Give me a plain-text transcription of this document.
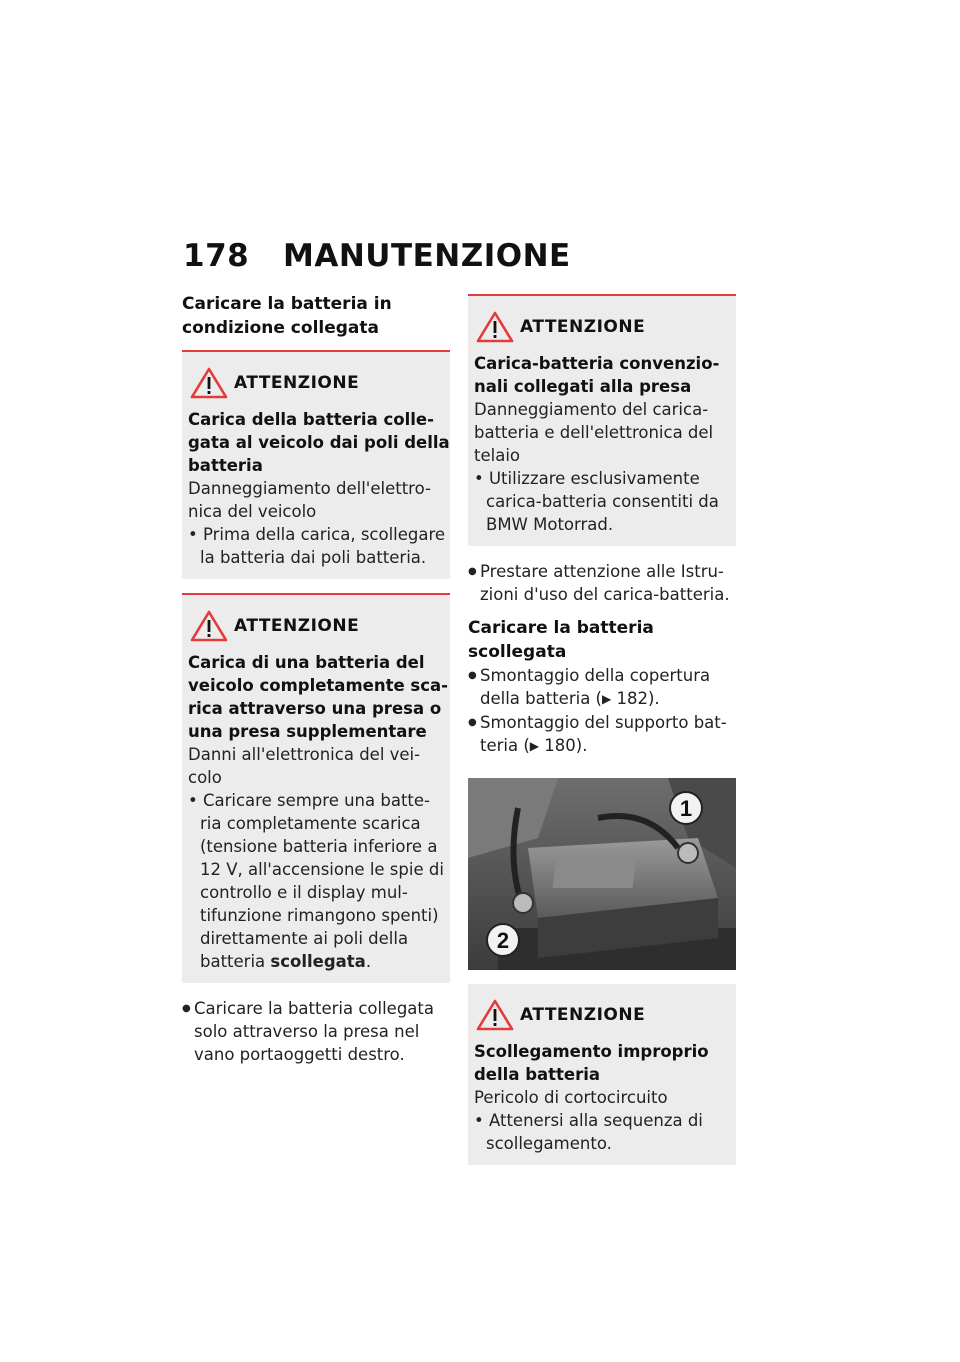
178 MANUTENZIONE

Caricare la batteria in condizione collegata

ATTENZIONE

Carica della batteria colle-gata al veicolo dai poli della batteria

Danneggiamento dell'elettro-nica del veicolo

• Prima della carica, scollegare la batteria dai poli batteria.
ATTENZIONE

Carica di una batteria del veicolo completamente sca-rica attraverso una presa o una presa supplementare

Danni all'elettronica del vei-colo

• Caricare sempre una batte-ria completamente scarica (tensione batteria inferiore a 12 V, all'accensione le spie di controllo e il display mul-tifunzione rimangono spenti) direttamente ai poli della batteria scollegata.
● Caricare la batteria collegata solo attraverso la presa nel vano portaoggetti destro.
ATTENZIONE

Carica-batteria convenzio-nali collegati alla presa

Danneggiamento del carica-batteria e dell'elettronica del telaio

• Utilizzare esclusivamente carica-batteria consentiti da BMW Motorrad.
● Prestare attenzione alle Istru-zioni d'uso del carica-batteria.

Caricare la batteria scollegata

● Smontaggio della copertura della batteria (▶ 182).
● Smontaggio del supporto bat-teria (▶ 180).
1
2
ATTENZIONE

Scollegamento improprio della batteria

Pericolo di cortocircuito

• Attenersi alla sequenza di scollegamento.
